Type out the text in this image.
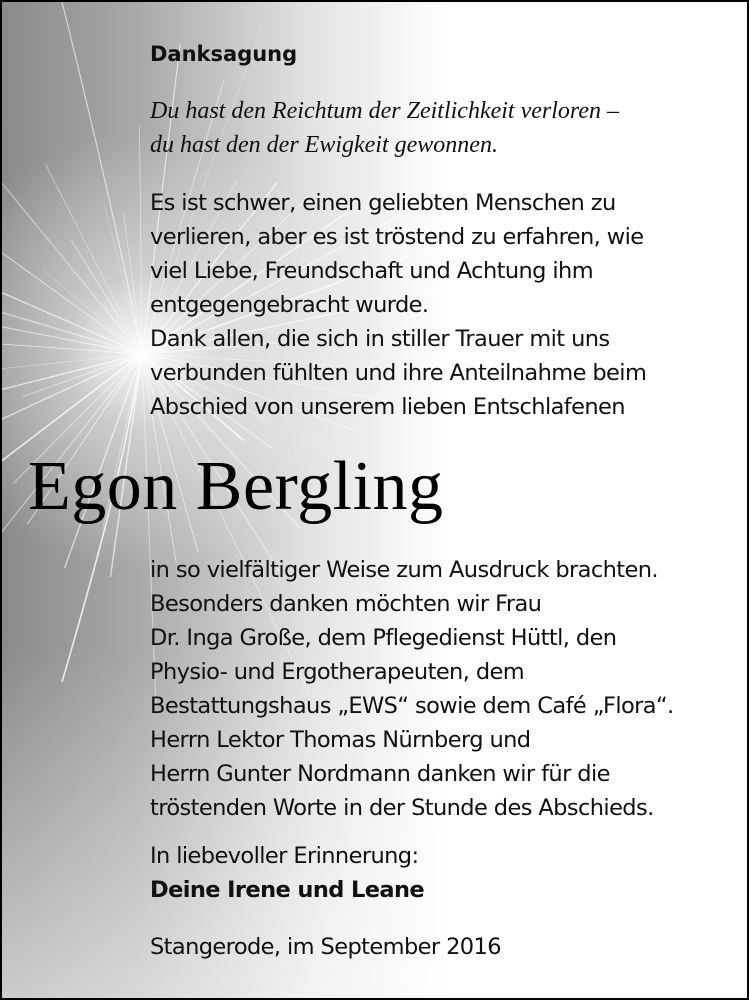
Danksagung
Du hast den Reichtum der Zeitlichkeit verloren –
du hast den der Ewigkeit gewonnen.
Es ist schwer, einen geliebten Menschen zu
verlieren, aber es ist tröstend zu erfahren, wie
viel Liebe, Freundschaft und Achtung ihm
entgegengebracht wurde.
Dank allen, die sich in stiller Trauer mit uns
verbunden fühlten und ihre Anteilnahme beim
Abschied von unserem lieben Entschlafenen
Egon Bergling
in so vielfältiger Weise zum Ausdruck brachten.
Besonders danken möchten wir Frau
Dr. Inga Große, dem Pflegedienst Hüttl, den
Physio- und Ergotherapeuten, dem
Bestattungshaus „EWS“ sowie dem Café „Flora“.
Herrn Lektor Thomas Nürnberg und
Herrn Gunter Nordmann danken wir für die
tröstenden Worte in der Stunde des Abschieds.
In liebevoller Erinnerung:
Deine Irene und Leane
Stangerode, im September 2016
